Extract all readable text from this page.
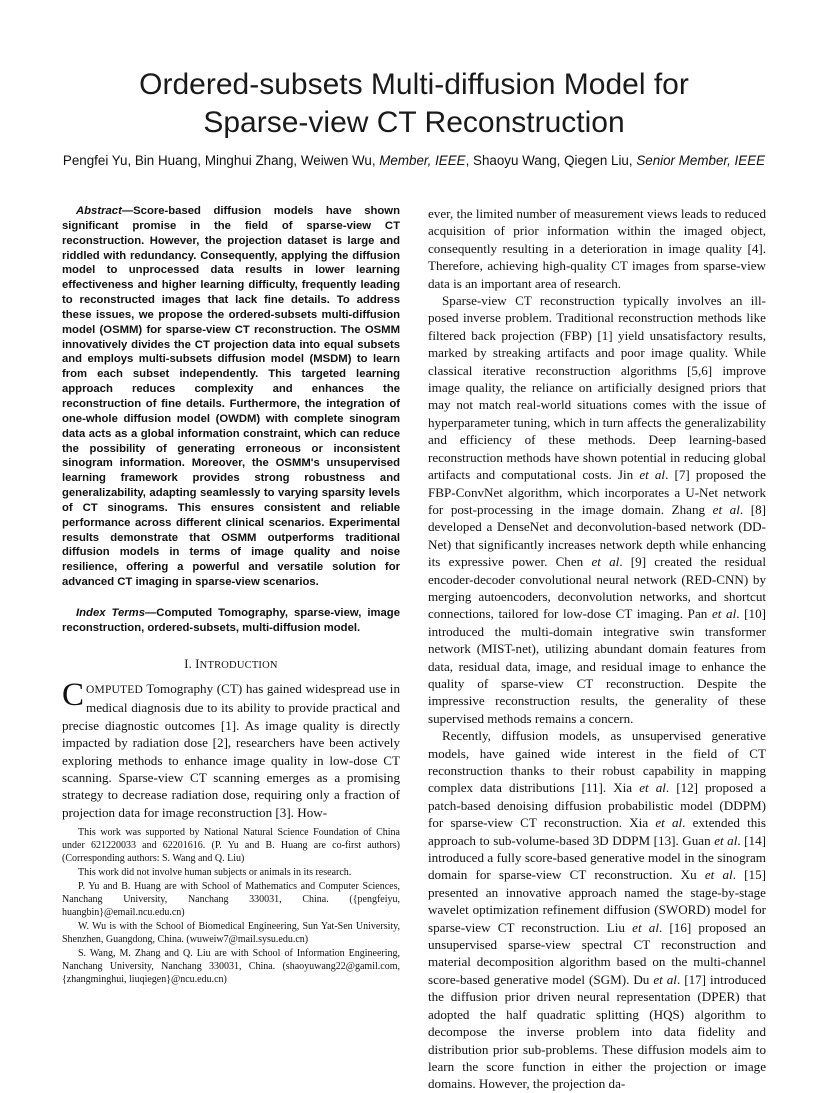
Ordered-subsets Multi-diffusion Model for
Sparse-view CT Reconstruction
Pengfei Yu, Bin Huang, Minghui Zhang, Weiwen Wu, Member, IEEE, Shaoyu Wang, Qiegen Liu, Senior Member, IEEE

Abstract—Score-based diffusion models have shown significant promise in the field of sparse-view CT reconstruction. However, the projection dataset is large and riddled with redundancy. Consequently, applying the diffusion model to unprocessed data results in lower learning effectiveness and higher learning difficulty, frequently leading to reconstructed images that lack fine details. To address these issues, we propose the ordered-subsets multi-diffusion model (OSMM) for sparse-view CT reconstruction. The OSMM innovatively divides the CT projection data into equal subsets and employs multi-subsets diffusion model (MSDM) to learn from each subset independently. This targeted learning approach reduces complexity and enhances the reconstruction of fine details. Furthermore, the integration of one-whole diffusion model (OWDM) with complete sinogram data acts as a global information constraint, which can reduce the possibility of generating erroneous or inconsistent sinogram information. Moreover, the OSMM's unsupervised learning framework provides strong robustness and generalizability, adapting seamlessly to varying sparsity levels of CT sinograms. This ensures consistent and reliable performance across different clinical scenarios. Experimental results demonstrate that OSMM outperforms traditional diffusion models in terms of image quality and noise resilience, offering a powerful and versatile solution for advanced CT imaging in sparse-view scenarios.

Index Terms—Computed Tomography, sparse-view, image reconstruction, ordered-subsets, multi-diffusion model.

I. INTRODUCTION

COMPUTED Tomography (CT) has gained widespread use in medical diagnosis due to its ability to provide practical and precise diagnostic outcomes [1]. As image quality is directly impacted by radiation dose [2], researchers have been actively exploring methods to enhance image quality in low-dose CT scanning. Sparse-view CT scanning emerges as a promising strategy to decrease radiation dose, requiring only a fraction of projection data for image reconstruction [3]. How-

This work was supported by National Natural Science Foundation of China under 621220033 and 62201616. (P. Yu and B. Huang are co-first authors) (Corresponding authors: S. Wang and Q. Liu)

This work did not involve human subjects or animals in its research.

P. Yu and B. Huang are with School of Mathematics and Computer Sciences, Nanchang University, Nanchang 330031, China. ({pengfeiyu, huangbin}@email.ncu.edu.cn)

W. Wu is with the School of Biomedical Engineering, Sun Yat-Sen University, Shenzhen, Guangdong, China. (wuweiw7@mail.sysu.edu.cn)

S. Wang, M. Zhang and Q. Liu are with School of Information Engineering, Nanchang University, Nanchang 330031, China. (shaoyuwang22@gamil.com, {zhangminghui, liuqiegen}@ncu.edu.cn)

ever, the limited number of measurement views leads to reduced acquisition of prior information within the imaged object, consequently resulting in a deterioration in image quality [4]. Therefore, achieving high-quality CT images from sparse-view data is an important area of research.

Sparse-view CT reconstruction typically involves an ill-posed inverse problem. Traditional reconstruction methods like filtered back projection (FBP) [1] yield unsatisfactory results, marked by streaking artifacts and poor image quality. While classical iterative reconstruction algorithms [5,6] improve image quality, the reliance on artificially designed priors that may not match real-world situations comes with the issue of hyperparameter tuning, which in turn affects the generalizability and efficiency of these methods. Deep learning-based reconstruction methods have shown potential in reducing global artifacts and computational costs. Jin et al. [7] proposed the FBP-ConvNet algorithm, which incorporates a U-Net network for post-processing in the image domain. Zhang et al. [8] developed a DenseNet and deconvolution-based network (DD-Net) that significantly increases network depth while enhancing its expressive power. Chen et al. [9] created the residual encoder-decoder convolutional neural network (RED-CNN) by merging autoencoders, deconvolution networks, and shortcut connections, tailored for low-dose CT imaging. Pan et al. [10] introduced the multi-domain integrative swin transformer network (MIST-net), utilizing abundant domain features from data, residual data, image, and residual image to enhance the quality of sparse-view CT reconstruction. Despite the impressive reconstruction results, the generality of these supervised methods remains a concern.

Recently, diffusion models, as unsupervised generative models, have gained wide interest in the field of CT reconstruction thanks to their robust capability in mapping complex data distributions [11]. Xia et al. [12] proposed a patch-based denoising diffusion probabilistic model (DDPM) for sparse-view CT reconstruction. Xia et al. extended this approach to sub-volume-based 3D DDPM [13]. Guan et al. [14] introduced a fully score-based generative model in the sinogram domain for sparse-view CT reconstruction. Xu et al. [15] presented an innovative approach named the stage-by-stage wavelet optimization refinement diffusion (SWORD) model for sparse-view CT reconstruction. Liu et al. [16] proposed an unsupervised sparse-view spectral CT reconstruction and material decomposition algorithm based on the multi-channel score-based generative model (SGM). Du et al. [17] introduced the diffusion prior driven neural representation (DPER) that adopted the half quadratic splitting (HQS) algorithm to decompose the inverse problem into data fidelity and distribution prior sub-problems. These diffusion models aim to learn the score function in either the projection or image domains. However, the projection da-
